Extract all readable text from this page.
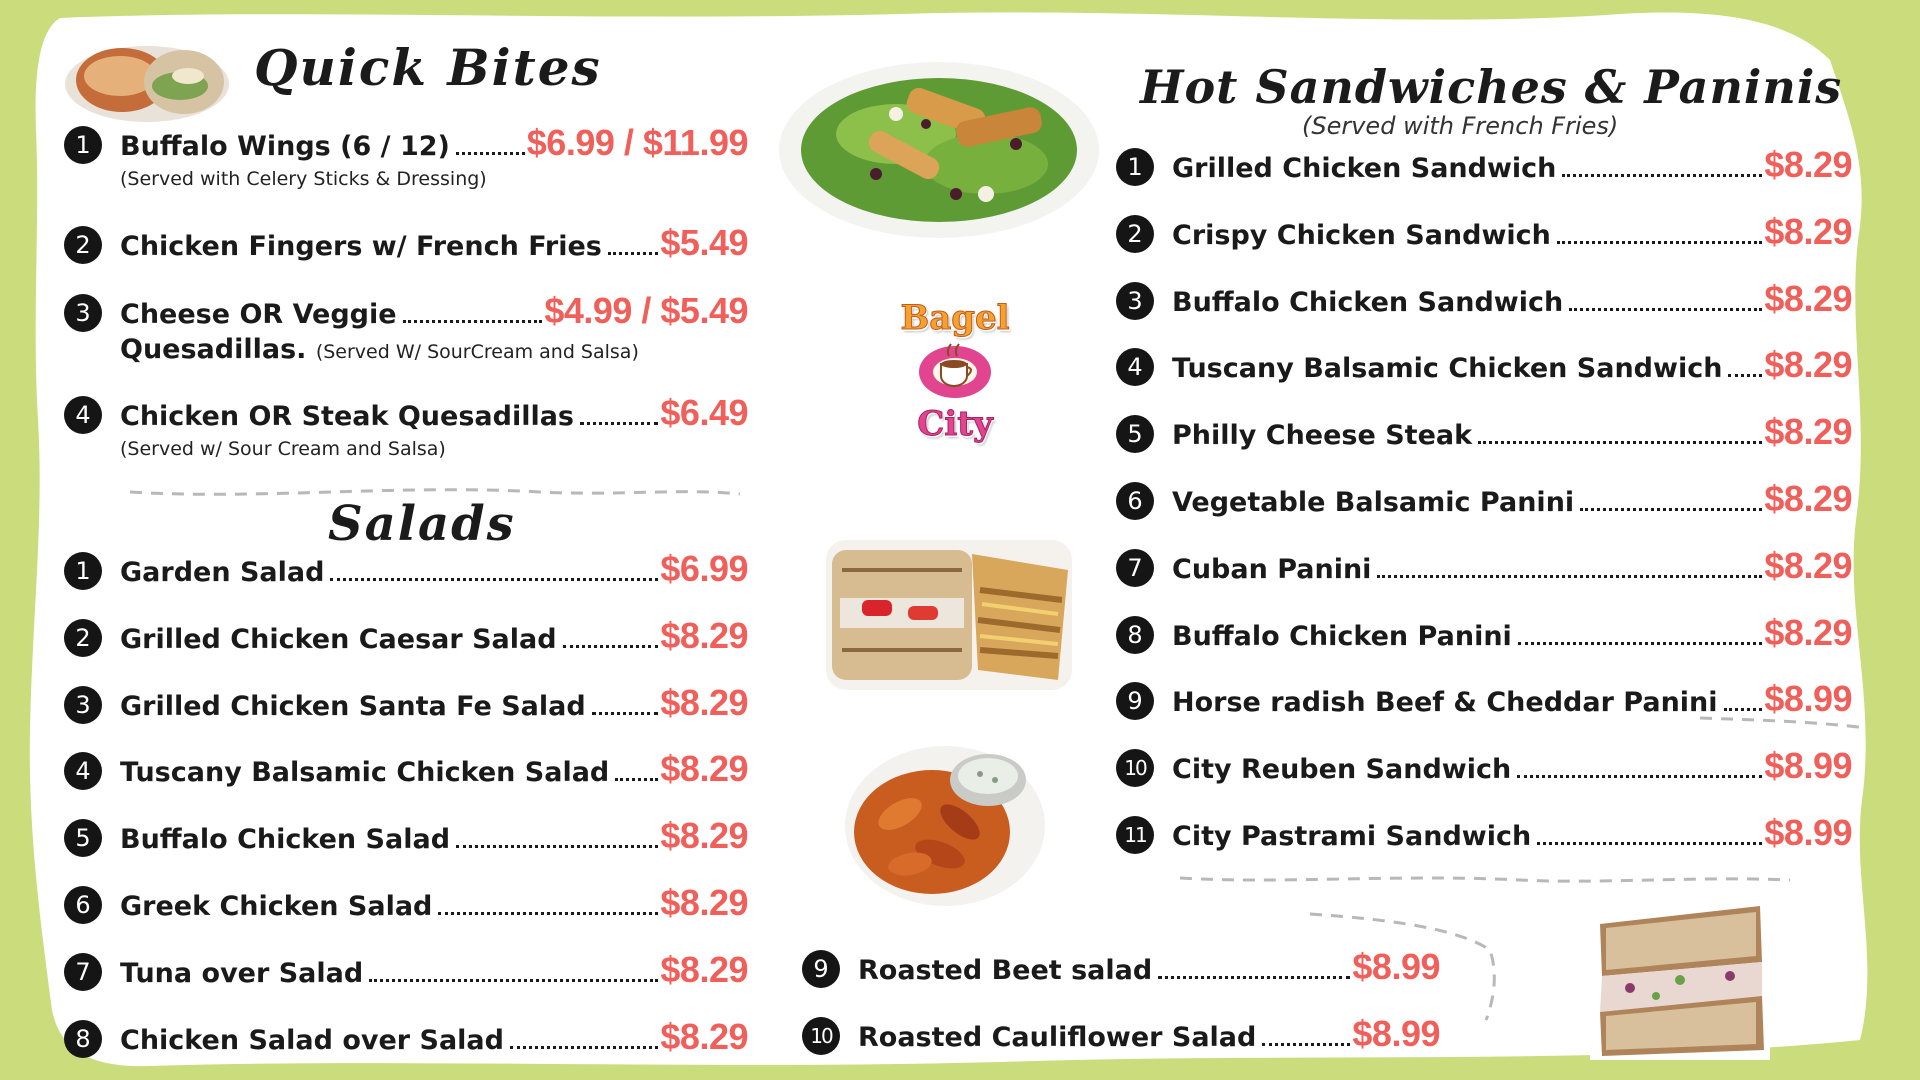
Bagel
City
Quick Bites
1	Buffalo Wings (6 / 12) $6.99 / $11.99
(Served with Celery Sticks & Dressing)
2	Chicken Fingers w/ French Fries $5.49
3	Cheese OR Veggie	$4.99 / $5.49
Quesadillas. (Served W/ SourCream and Salsa)
4	Chicken OR Steak Quesadillas $6.49
(Served w/ Sour Cream and Salsa)
Salads
1	Garden Salad	$6.99
2	Grilled Chicken Caesar Salad	$8.29
3	Grilled Chicken Santa Fe Salad $8.29
4	Tuscany Balsamic Chicken Salad $8.29
5	Buffalo Chicken Salad	$8.29
6	Greek Chicken Salad	$8.29
7	Tuna over Salad	$8.29
8	Chicken Salad over Salad	$8.29
9	Roasted Beet salad	$8.99
10 Roasted Cauliflower Salad	$8.99
Hot Sandwiches & Paninis
(Served with French Fries)
1	Grilled Chicken Sandwich	$8.29
2	Crispy Chicken Sandwich	$8.29
3	Buffalo Chicken Sandwich	$8.29
4	Tuscany Balsamic Chicken Sandwich $8.29
5	Philly Cheese Steak	$8.29
6	Vegetable Balsamic Panini	$8.29
7	Cuban Panini	$8.29
8	Buffalo Chicken Panini	$8.29
9	Horse radish Beef & Cheddar Panini $8.99
10 City Reuben Sandwich	$8.99
11 City Pastrami Sandwich	$8.99
